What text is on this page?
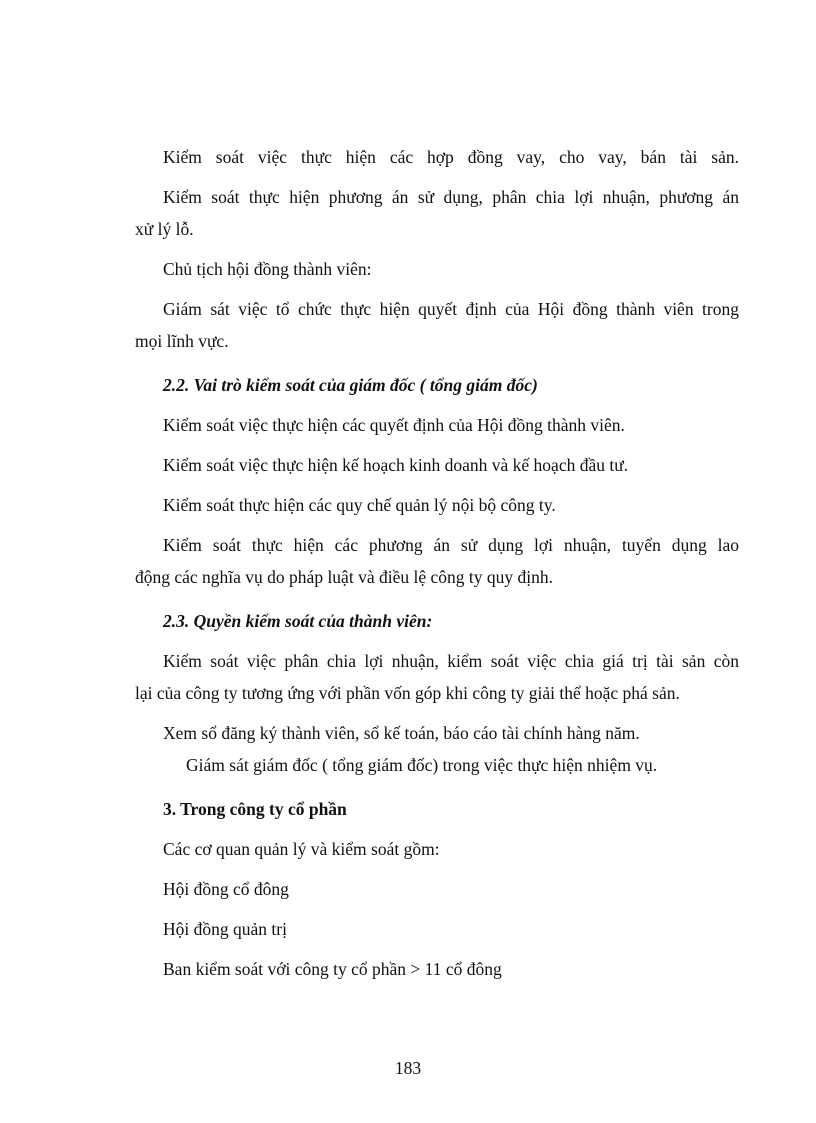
Kiểm soát việc thực hiện các hợp đồng vay, cho vay, bán tài sản.

Kiểm soát thực hiện phương án sử dụng, phân chia lợi nhuận, phương án
xử lý lỗ.

Chủ tịch hội đồng thành viên:

Giám sát việc tổ chức thực hiện quyết định của Hội đồng thành viên trong
mọi lĩnh vực.

2.2. Vai trò kiểm soát của giám đốc ( tổng giám đốc)

Kiểm soát việc thực hiện các quyết định của Hội đồng thành viên.

Kiểm soát việc thực hiện kế hoạch kinh doanh và kế hoạch đầu tư.

Kiểm soát thực hiện các quy chế quản lý nội bộ công ty.

Kiểm soát thực hiện các phương án sử dụng lợi nhuận, tuyển dụng lao
động các nghĩa vụ do pháp luật và điều lệ công ty quy định.

2.3. Quyền kiểm soát của thành viên:

Kiểm soát việc phân chia lợi nhuận, kiểm soát việc chia giá trị tài sản còn
lại của công ty tương ứng với phần vốn góp khi công ty giải thể hoặc phá sản.

Xem sổ đăng ký thành viên, sổ kế toán, báo cáo tài chính hàng năm.

Giám sát giám đốc ( tổng giám đốc) trong việc thực hiện nhiệm vụ.

3. Trong công ty cổ phần

Các cơ quan quản lý và kiểm soát gồm:

Hội đồng cổ đông

Hội đồng quản trị

Ban kiểm soát với công ty cổ phần > 11 cổ đông

183
